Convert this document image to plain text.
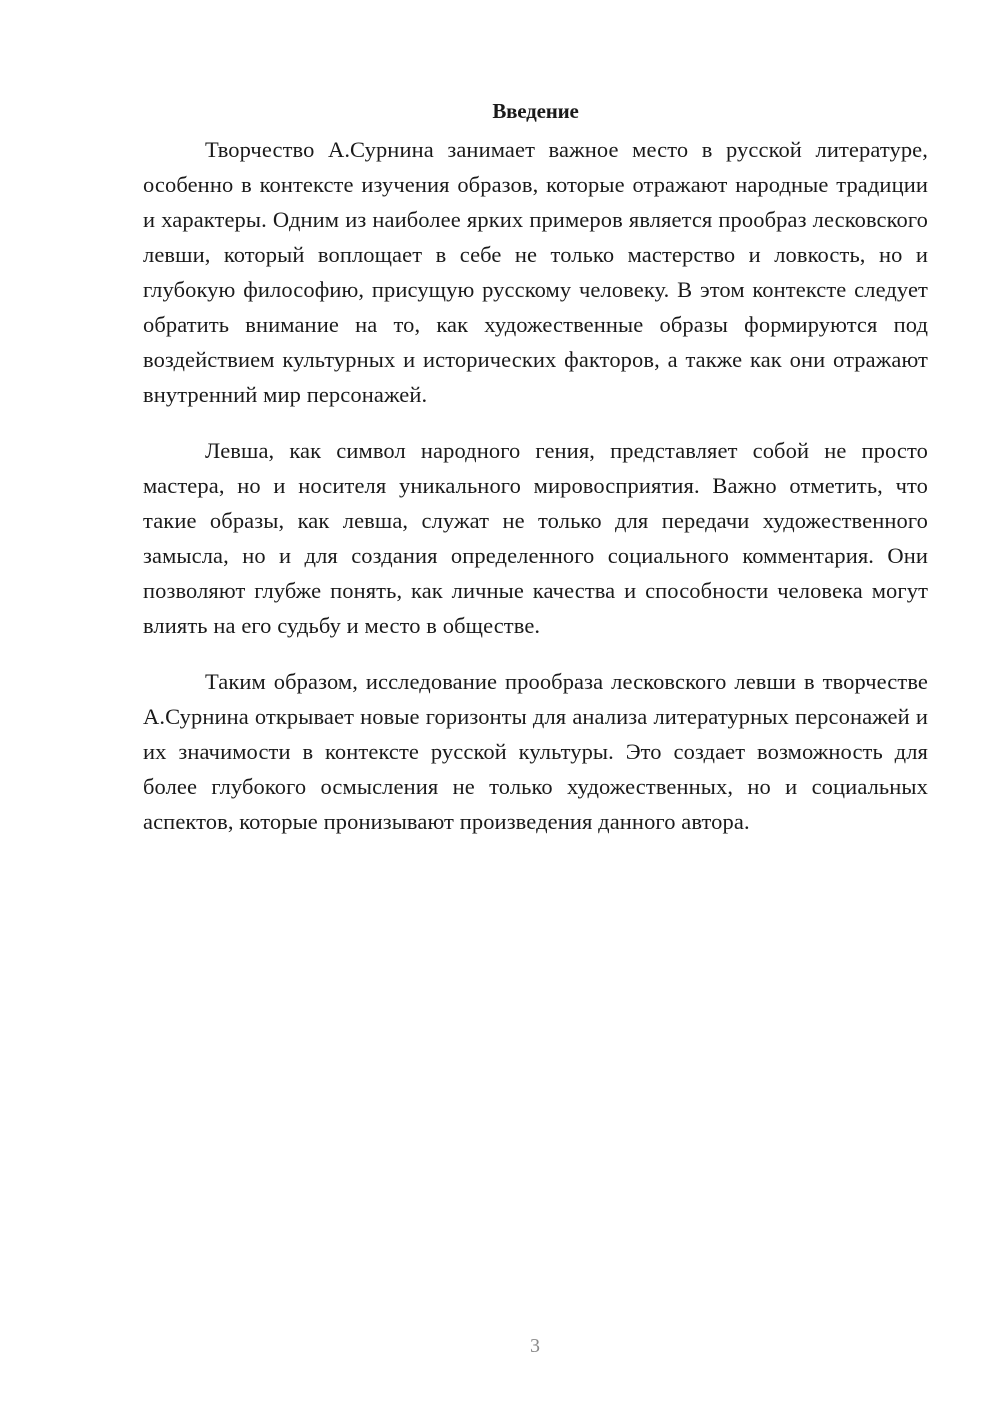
Введение

Творчество А.Сурнина занимает важное место в русской литературе, особенно в контексте изучения образов, которые отражают народные традиции и характеры. Одним из наиболее ярких примеров является прообраз лесковского левши, который воплощает в себе не только мастерство и ловкость, но и глубокую философию, присущую русскому человеку. В этом контексте следует обратить внимание на то, как художественные образы формируются под воздействием культурных и исторических факторов, а также как они отражают внутренний мир персонажей.

Левша, как символ народного гения, представляет собой не просто мастера, но и носителя уникального мировосприятия. Важно отметить, что такие образы, как левша, служат не только для передачи художественного замысла, но и для создания определенного социального комментария. Они позволяют глубже понять, как личные качества и способности человека могут влиять на его судьбу и место в обществе.

Таким образом, исследование прообраза лесковского левши в творчестве А.Сурнина открывает новые горизонты для анализа литературных персонажей и их значимости в контексте русской культуры. Это создает возможность для более глубокого осмысления не только художественных, но и социальных аспектов, которые пронизывают произведения данного автора.

3
